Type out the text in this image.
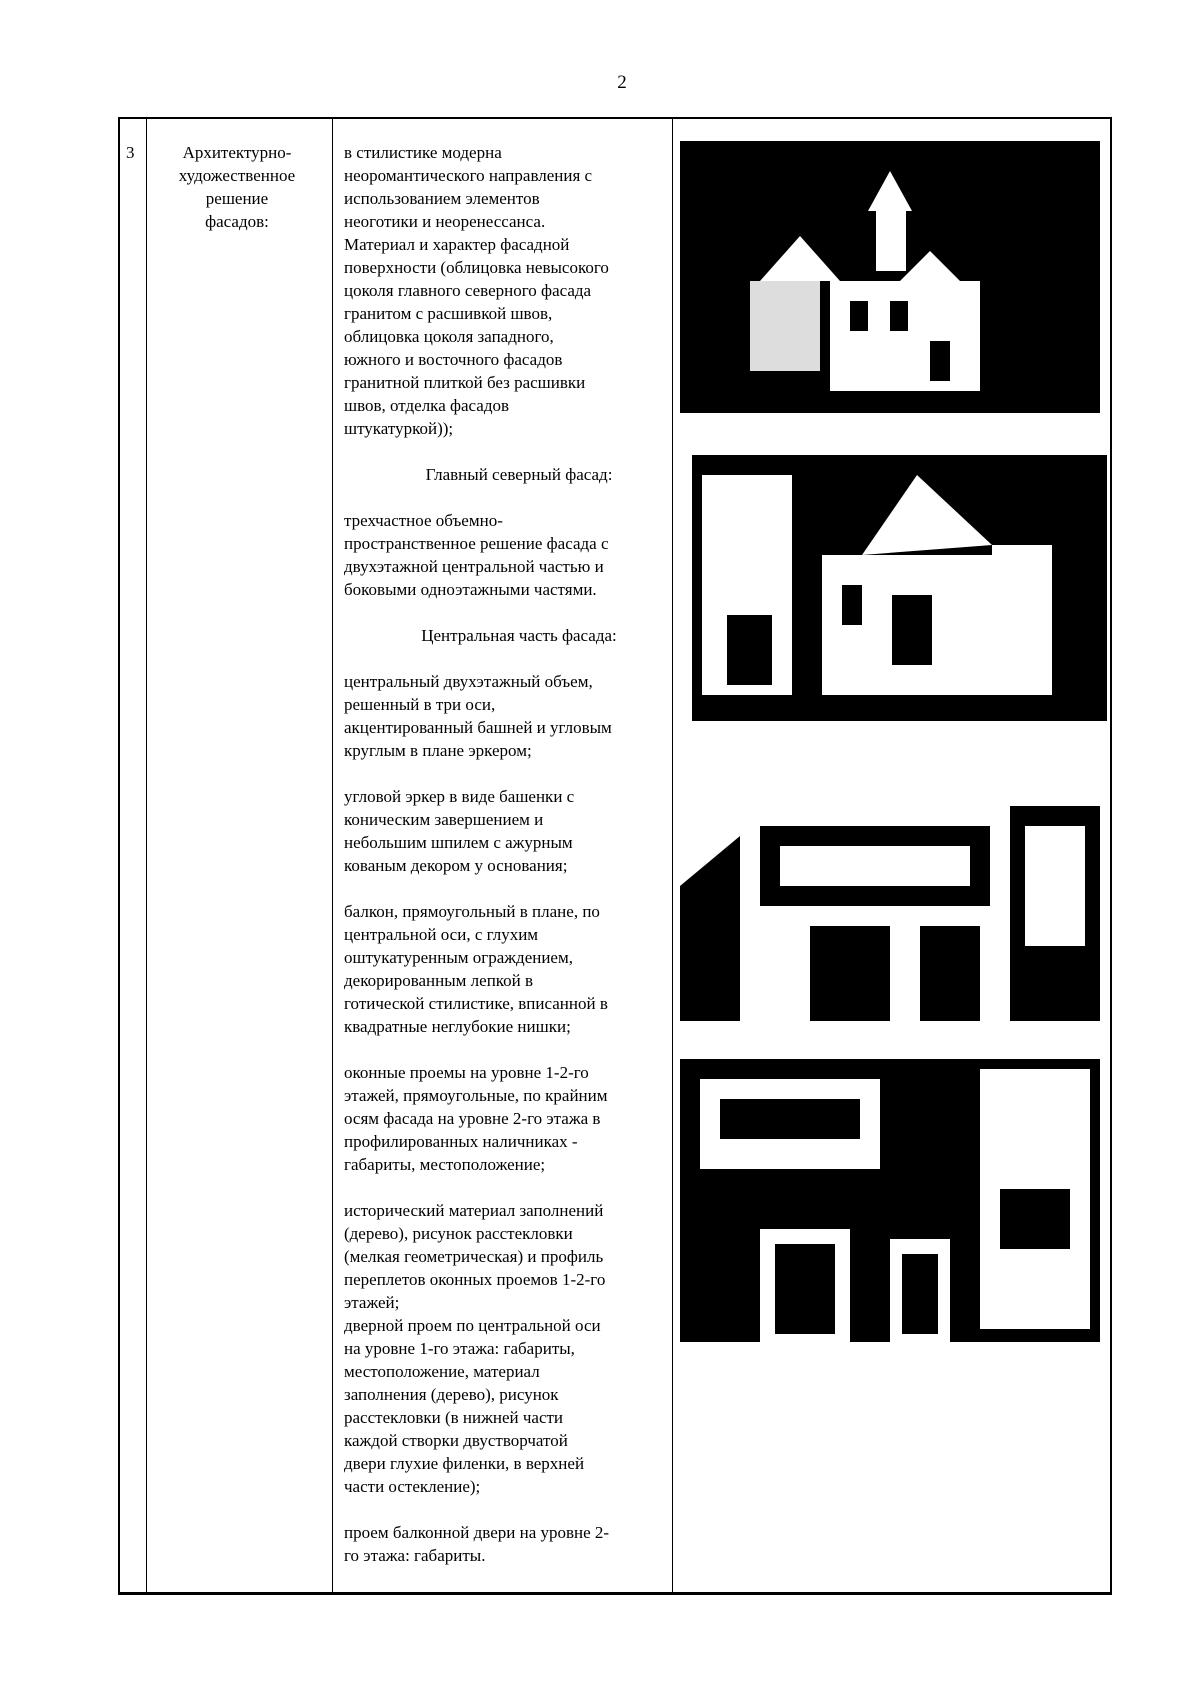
2
3	Архитектурно-
художественное
решение
фасадов:

в стилистике модерна
неоромантического направления с
использованием элементов
неоготики и неоренессанса.
Материал и характер фасадной
поверхности (облицовка невысокого
цоколя главного северного фасада
гранитом с расшивкой швов,
облицовка цоколя западного,
южного и восточного фасадов
гранитной плиткой без расшивки
швов, отделка фасадов
штукатуркой));

Главный северный фасад:

трехчастное объемно-
пространственное решение фасада с
двухэтажной центральной частью и
боковыми одноэтажными частями.

Центральная часть фасада:

центральный двухэтажный объем,
решенный в три оси,
акцентированный башней и угловым
круглым в плане эркером;

угловой эркер в виде башенки с
коническим завершением и
небольшим шпилем с ажурным
кованым декором у основания;

балкон, прямоугольный в плане, по
центральной оси, с глухим
оштукатуренным ограждением,
декорированным лепкой в
готической стилистике, вписанной в
квадратные неглубокие нишки;

оконные проемы на уровне 1-2-го
этажей, прямоугольные, по крайним
осям фасада на уровне 2-го этажа в
профилированных наличниках -
габариты, местоположение;

исторический материал заполнений
(дерево), рисунок расстекловки
(мелкая геометрическая) и профиль
переплетов оконных проемов 1-2-го
этажей;

дверной проем по центральной оси
на уровне 1-го этажа: габариты,
местоположение, материал
заполнения (дерево), рисунок
расстекловки (в нижней части
каждой створки двустворчатой
двери глухие филенки, в верхней
части остекление);

проем балконной двери на уровне 2-
го этажа: габариты.
